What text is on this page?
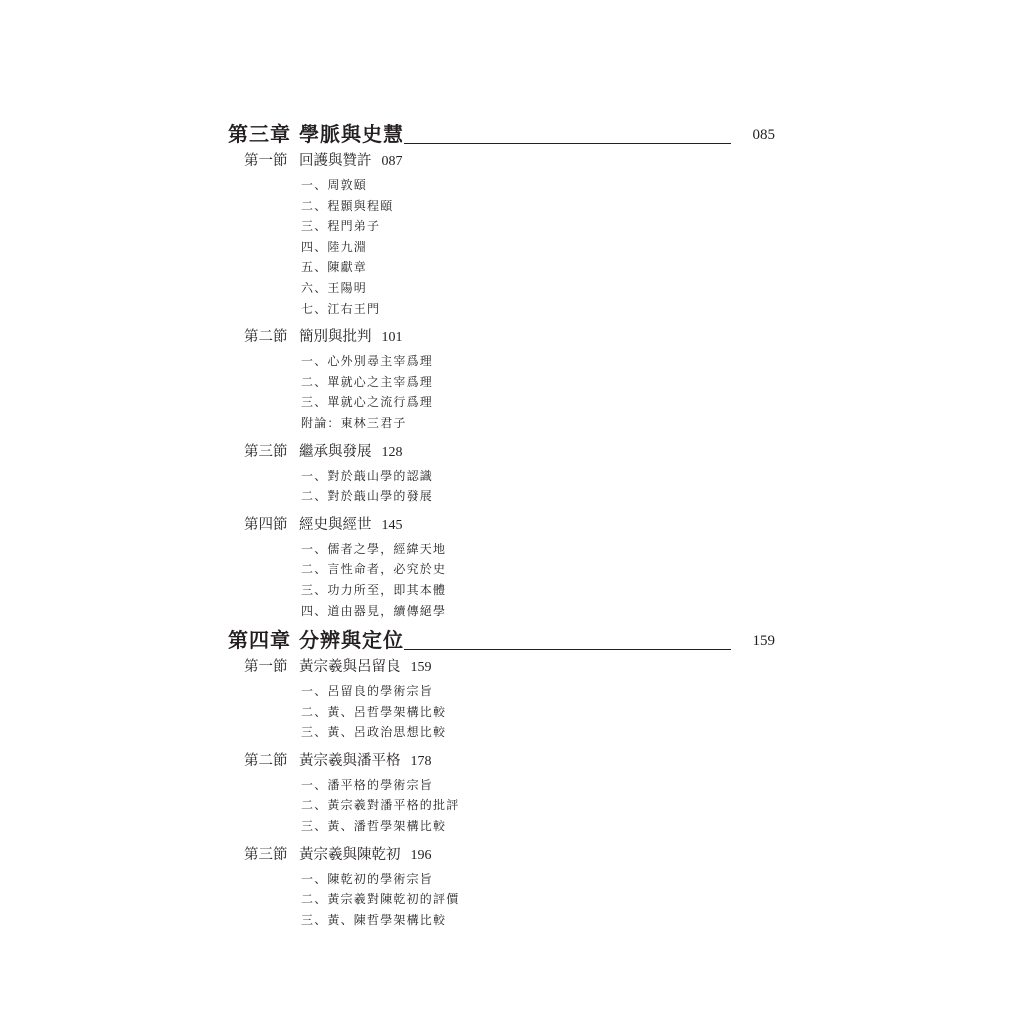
第三章 學脈與史慧	085
第一節 回護與贊許 087
一、周敦頤
二、程顥與程頤
三、程門弟子
四、陸九淵
五、陳獻章
六、王陽明
七、江右王門
第二節 簡別與批判 101
一、心外別尋主宰爲理
二、單就心之主宰爲理
三、單就心之流行爲理
附論：東林三君子
第三節 繼承與發展 128
一、對於蕺山學的認識
二、對於蕺山學的發展
第四節 經史與經世 145
一、儒者之學，經緯天地
二、言性命者，必究於史
三、功力所至，即其本體
四、道由器見，續傳絕學
第四章 分辨與定位	159
第一節 黃宗羲與呂留良 159
一、呂留良的學術宗旨
二、黃、呂哲學架構比較
三、黃、呂政治思想比較
第二節 黃宗羲與潘平格 178
一、潘平格的學術宗旨
二、黃宗羲對潘平格的批評
三、黃、潘哲學架構比較
第三節 黃宗羲與陳乾初 196
一、陳乾初的學術宗旨
二、黃宗羲對陳乾初的評價
三、黃、陳哲學架構比較
